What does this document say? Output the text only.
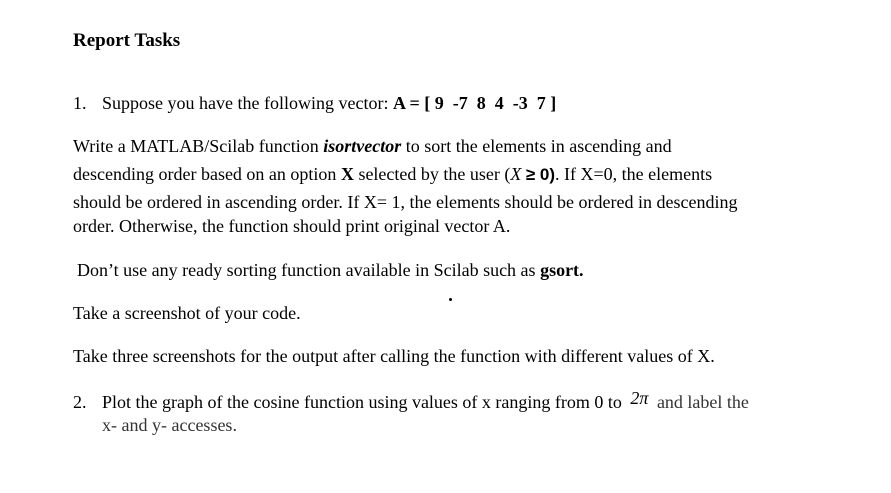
Report Tasks
1. Suppose you have the following vector: A = [ 9  -7  8  4  -3  7 ]
Write a MATLAB/Scilab function isortvector to sort the elements in ascending and
descending order based on an option X selected by the user (X ≥ 0). If X=0, the elements
should be ordered in ascending order. If X= 1, the elements should be ordered in descending
order. Otherwise, the function should print original vector A.
Don’t use any ready sorting function available in Scilab such as gsort.
Take a screenshot of your code.
Take three screenshots for the output after calling the function with different values of X.
2. Plot the graph of the cosine function using values of x ranging from 0 to 2π and label the
x- and y- accesses.
